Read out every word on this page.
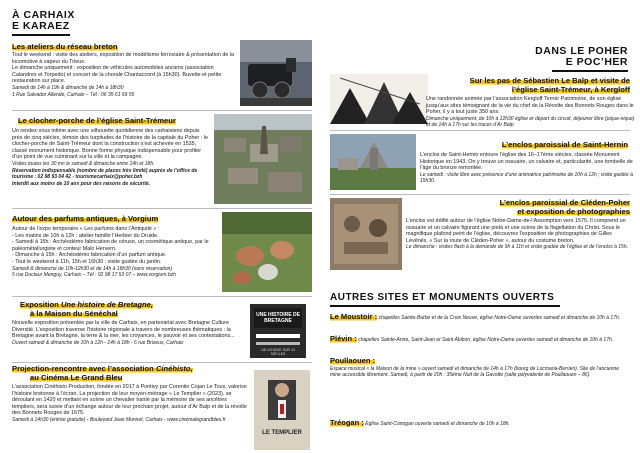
À CARHAIX
E KARAEZ
Les ateliers du réseau breton
Tout le weekend : visite des ateliers, exposition de modélisme ferroviaire & présentation de la locomotive à vapeur du Trieux.
Le dimanche uniquement : exposition de véhicules automobiles anciens (association Calandres et Torpedo) et concert de la chorale Chantaccord (à 15h30). Buvette et petite restauration sur place.
Samedi de 14h à 19h & dimanche de 14h à 18h30
1 Rue Salvador Allende, Carhaix – Tél : 06 35 61 69 55
Le clocher-porche de l’église Saint-Trémeur
Un rendez-vous intime avec une silhouette quotidienne des carhaisiens depuis près de cinq siècles, témoin des turpitudes de l’histoire de la capitale du Poher : le clocher-porche de Saint-Trémeur dont la construction s’est achevée en 1535, classé monument historique. Bonne forme physique indispensable pour profiter d’un point de vue culminant sur la ville et la campagne.
Visites toutes les 30 mn le samedi & dimanche entre 14h et 18h.
Réservation indispensable (nombre de places très limité) auprès de l’office de tourisme : 02 98 93 04 42 - tourismecarhaix@poher.bzh
Interdit aux moins de 10 ans pour des raisons de sécurité.
Autour des parfums antiques, à Vorgium
Autour de l’expo temporaire « Les parfums dans l’Antiquité » :
- Les matins de 10h à 12h : atelier famille l’Herbier du Druide.
- Samedi à 15h : Archéodémo fabrication de céruse, un cosmétique antique, par le paléométallurgiste et conteur Malo Hervern.
- Dimanche à 15h : Archéodémo fabrication d’un parfum antique.
- Tout le weekend à 11h, 15h et 16h30 : visite guidée du jardin.
Samedi & dimanche de 10h-12h30 et de 14h à 18h30 (sans réservation)
5 rue Docteur Menguy, Carhaix – Tél : 02 98 17 53 07 – www.vorgium.bzh
Exposition Une histoire de Bretagne,
à la Maison du Sénéchal
Nouvelle exposition présentée par la ville de Carhaix, en partenariat avec Bretagne Culture Diversité. L’exposition traverse l’histoire régionale à travers de nombreuses thématiques : la Bretagne avant la Bretagne, la terre & la mer, les croyances, le pouvoir et ses contestations...
Ouvert samedi & dimanche de 10h à 12h - 14h à 18h - 6 rue Brizeux, Carhaix
UNE HISTOIRE DE BRETAGNE
UN VOYAGE SUR 13 SIÈCLES
Projection-rencontre avec l’association Cinéhisto,
au Cinéma Le Grand Bleu
L’association Cinéhisto Production, fondée en 2017 à Pontivy par Corentin Cojan Le Toux, valorise l’histoire bretonne à l’écran. La projection de leur moyen-métrage « Le Templier » (2023), se déroulant en 1420 et mettant en scène un chevalier hanté par la mémoire de ses ancêtres templiers, sera suivie d’un échange autour de leur prochain projet, autour d’Ar Balp et de la révolte des Bonnets Rouges de 1675.
Samedi à 14h30 (entrée gratuite) - Boulevard Jean Monnet, Carhaix - www.cinemalegrandbleu.fr
LE TEMPLIER
DANS LE POHER
E POC’HER
Sur les pas de Sébastien Le Balp et visite de
l’église Saint-Trémeur, à Kergloff
Une randonnée animée par l’association Kergloff Terroir Patrimoine, de son église jusqu’aux sites témoignant de la vie du chef de la Révolte des Bonnets Rouges dans le Poher, il y a tout juste 350 ans.
Dimanche uniquement, de 10h à 12h30 église et départ du circuit, déjeuner libre (pique-nique) et de 14h à 17h sur les traces d’Ar Balp
L’enclos paroissial de Saint-Hernin
L’enclos de Saint-Hernin entoure l’église des 16–17ème siècles, classée Monument Historique en 1943. On y trouve un ossuaire, un calvaire et, particularité, une tombelle de l’âge du bronze remontée.
Le samedi : visite libre avec présence d’une animatrice patrimoine de 10h à 12h ; visite guidée à 15h30.
L’enclos paroissial de Cléden-Poher
et exposition de photographies
L’enclos est édifié autour de l’église Notre-Dame-de-l’Assomption vers 1575. Il comprend un ossuaire et un calvaire figurant une pietà et une scène de la flagellation du Christ. Sous le magnifique plafond peint de l’église, découvrez l’exposition de photographies de Gilles Lévênés, « Sur la route de Cléden-Poher », autour du costume breton.
Le dimanche : visites flash à la demande de 9h à 11h et visite guidée de l’église et de l’enclos à 15h.
AUTRES SITES ET MONUMENTS OUVERTS
Le Moustoir : chapelles Sainte-Barbe et de la Croix Neuve, église Notre-Dame ouvertes samedi et dimanche de 10h à 17h.
Plévin : chapelles Sainte-Anne, Saint-Jean et Saint Abibon, église Notre-Dame ouvertes samedi et dimanche de 10h à 17h.
Poullaouen :
Espace musical « la Maison de la mine » ouvert samedi et dimanche de 14h à 17h (bourg de Locmaria-Berrien). Site de l’ancienne mine accessible librement. Samedi, à partir de 20h : 35ème Nuit de la Gavotte (salle polyvalente de Poullaouen – 8€).
Tréogan : Église Saint-Conogan ouverte samedi et dimanche de 10h à 18h.
